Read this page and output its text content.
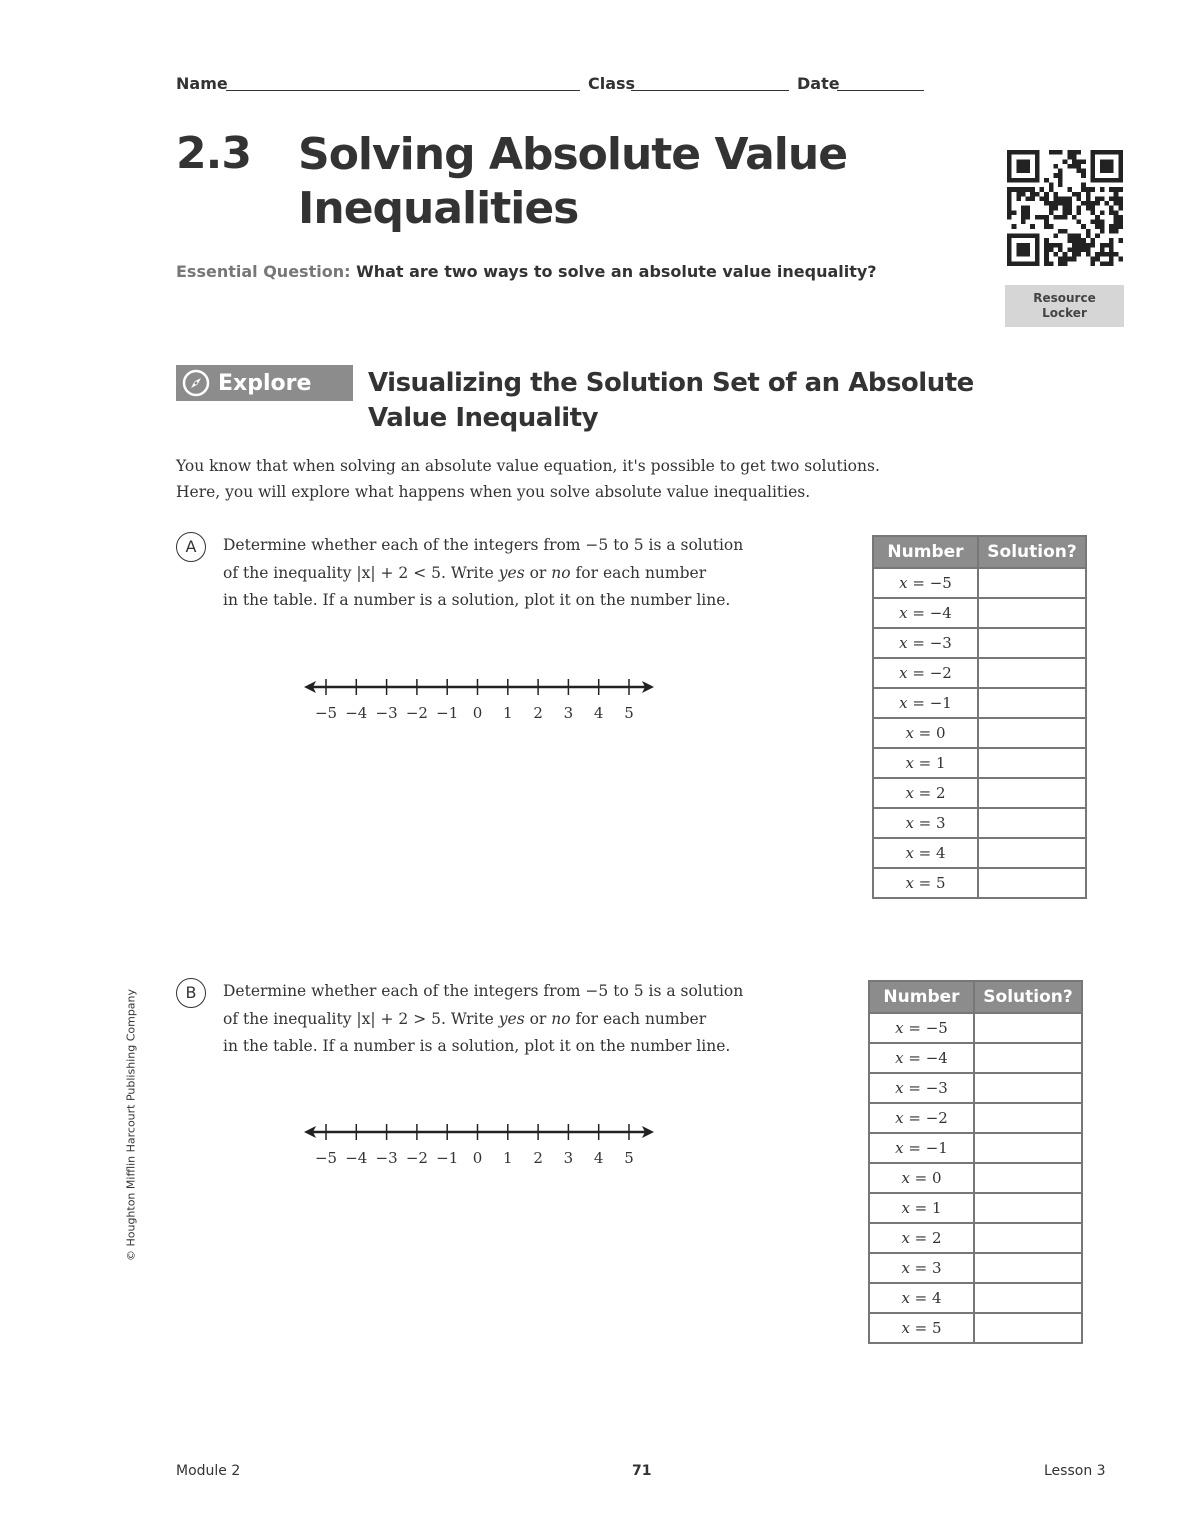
Name	Class	Date
2.3 Solving Absolute Value Inequalities
Essential Question: What are two ways to solve an absolute value inequality?
Resource
Locker
Explore Visualizing the Solution Set of an Absolute Value Inequality
You know that when solving an absolute value equation, it's possible to get two solutions.
Here, you will explore what happens when you solve absolute value inequalities.
A	Determine whether each of the integers from −5 to 5 is a solution
of the inequality |x| + 2 < 5. Write yes or no for each number
in the table. If a number is a solution, plot it on the number line.
−5 −4 −3 −2 −1 0 1 2 3 4 5
Number	Solution?
x = −5	
x = −4	
x = −3	
x = −2	
x = −1	
x = 0	
x = 1	
x = 2	
x = 3	
x = 4	
x = 5	
B	Determine whether each of the integers from −5 to 5 is a solution
of the inequality |x| + 2 > 5. Write yes or no for each number
in the table. If a number is a solution, plot it on the number line.
−5 −4 −3 −2 −1 0 1 2 3 4 5
Number	Solution?
x = −5	
x = −4	
x = −3	
x = −2	
x = −1	
x = 0	
x = 1	
x = 2	
x = 3	
x = 4	
x = 5	
© Houghton Mifflin Harcourt Publishing Company
Module 2	71	Lesson 3
